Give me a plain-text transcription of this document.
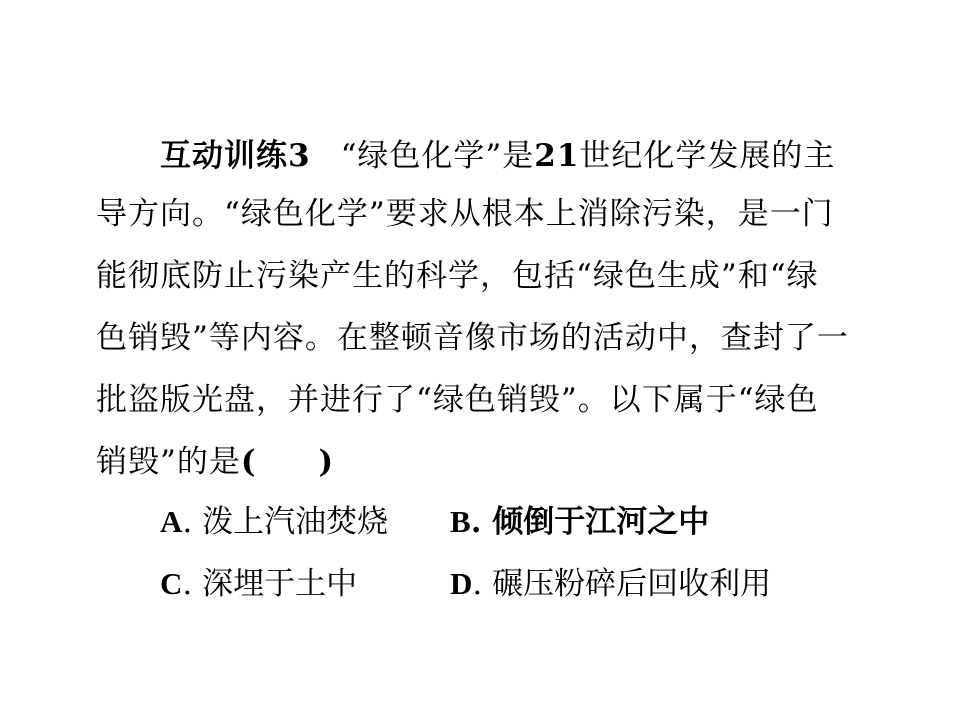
互动训练3 “绿色化学”是21世纪化学发展的主
导方向。“绿色化学”要求从根本上消除污染，是一门
能彻底防止污染产生的科学，包括“绿色生成”和“绿
色销毁”等内容。在整顿音像市场的活动中，查封了一
批盗版光盘，并进行了“绿色销毁”。以下属于“绿色
销毁”的是( )
A. 泼上汽油焚烧 B. 倾倒于江河之中
C. 深埋于土中	D. 碾压粉碎后回收利用
